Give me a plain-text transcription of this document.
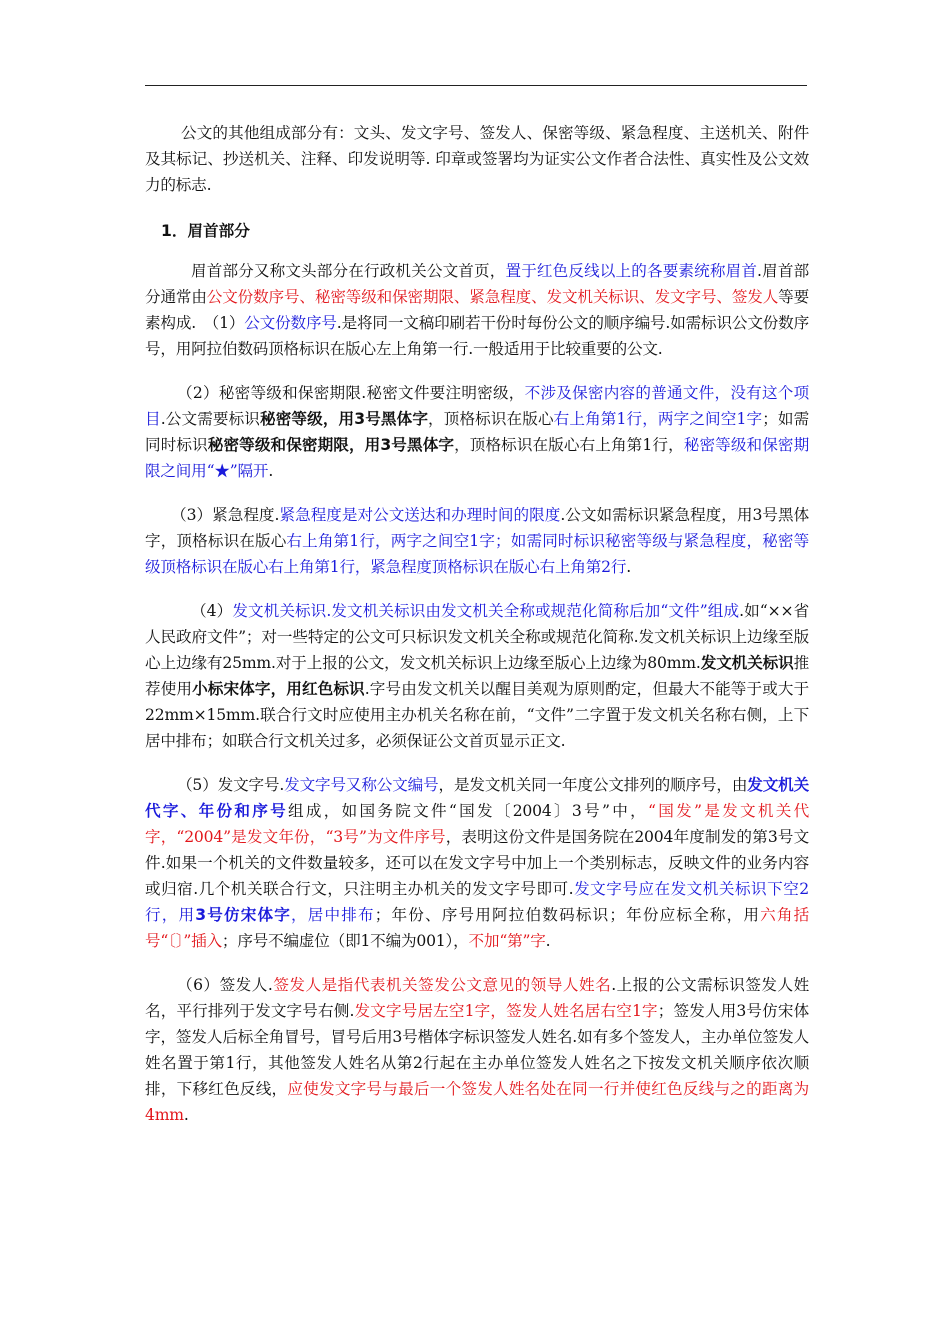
公文的其他组成部分有：文头、发文字号、签发人、保密等级、紧急程度、主送机关、附件及其标记、抄送机关、注释、印发说明等. 印章或签署均为证实公文作者合法性、真实性及公文效力的标志.

1．眉首部分

眉首部分又称文头部分在行政机关公文首页，置于红色反线以上的各要素统称眉首.眉首部分通常由公文份数序号、秘密等级和保密期限、紧急程度、发文机关标识、发文字号、签发人等要素构成.　（1）公文份数序号.是将同一文稿印刷若干份时每份公文的顺序编号.如需标识公文份数序号，用阿拉伯数码顶格标识在版心左上角第一行.一般适用于比较重要的公文.

（2）秘密等级和保密期限.秘密文件要注明密级，不涉及保密内容的普通文件，没有这个项目.公文需要标识秘密等级，用3号黑体字，顶格标识在版心右上角第1行，两字之间空1字；如需同时标识秘密等级和保密期限，用3号黑体字，顶格标识在版心右上角第1行，秘密等级和保密期限之间用“★”隔开.

（3）紧急程度.紧急程度是对公文送达和办理时间的限度.公文如需标识紧急程度，用3号黑体字，顶格标识在版心右上角第1行，两字之间空1字；如需同时标识秘密等级与紧急程度，秘密等级顶格标识在版心右上角第1行，紧急程度顶格标识在版心右上角第2行.

（4）发文机关标识.发文机关标识由发文机关全称或规范化简称后加“文件”组成.如“××省人民政府文件”；对一些特定的公文可只标识发文机关全称或规范化简称.发文机关标识上边缘至版心上边缘有25mm.对于上报的公文，发文机关标识上边缘至版心上边缘为80mm.发文机关标识推荐使用小标宋体字，用红色标识.字号由发文机关以醒目美观为原则酌定，但最大不能等于或大于22mm×15mm.联合行文时应使用主办机关名称在前，“文件”二字置于发文机关名称右侧，上下居中排布；如联合行文机关过多，必须保证公文首页显示正文.

（5）发文字号.发文字号又称公文编号，是发文机关同一年度公文排列的顺序号，由发文机关代字、年份和序号组成，如国务院文件“国发〔2004〕3号”中，“国发”是发文机关代字，“2004”是发文年份，“3号”为文件序号，表明这份文件是国务院在2004年度制发的第3号文件.如果一个机关的文件数量较多，还可以在发文字号中加上一个类别标志，反映文件的业务内容或归宿.几个机关联合行文，只注明主办机关的发文字号即可.发文字号应在发文机关标识下空2行，用3号仿宋体字，居中排布；年份、序号用阿拉伯数码标识；年份应标全称，用六角括号“〔〕”插入；序号不编虚位（即1不编为001），不加“第”字.

（6）签发人.签发人是指代表机关签发公文意见的领导人姓名.上报的公文需标识签发人姓名，平行排列于发文字号右侧.发文字号居左空1字，签发人姓名居右空1字；签发人用3号仿宋体字，签发人后标全角冒号，冒号后用3号楷体字标识签发人姓名.如有多个签发人，主办单位签发人姓名置于第1行，其他签发人姓名从第2行起在主办单位签发人姓名之下按发文机关顺序依次顺排，下移红色反线，应使发文字号与最后一个签发人姓名处在同一行并使红色反线与之的距离为4mm.
